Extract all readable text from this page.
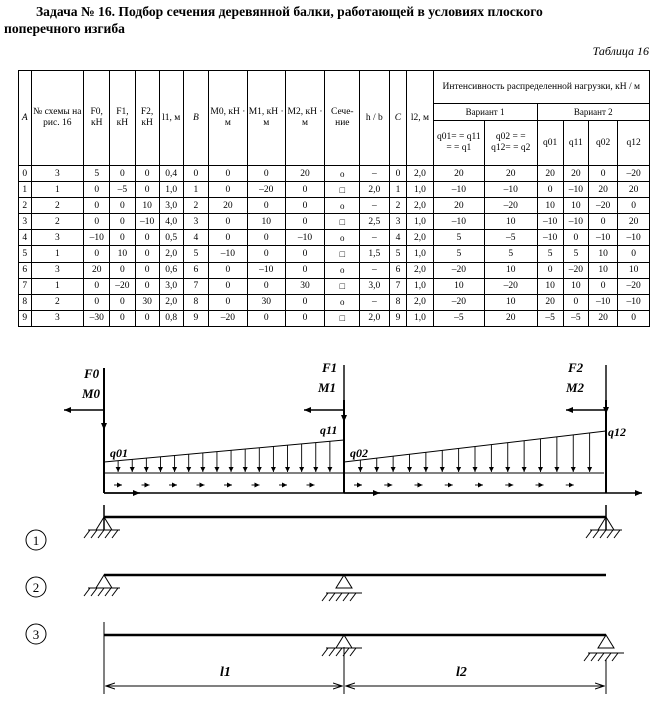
Задача № 16. Подбор сечения деревянной балки, работающей в условиях плоского
поперечного изгиба
Таблица 16
A	№ схемы на рис. 16	F0, кН	F1, кН	F2, кН	l1, м	B	M0, кН · м	M1, кН · м	M2, кН · м	Сече-ние	h / b	C	l2, м	Интенсивность распределенной нагрузки, кН / м					
														Вариант 1		Вариант 2			
														q01= = q11 = = q1	q02 = = q12= = q2	q01	q11	q02	q12
0	3	5	0	0	0,4	0	0	0	20	o	–	0	2,0	20	20	20	20	0	–20
1	1	0	–5	0	1,0	1	0	–20	0	□	2,0	1	1,0	–10	–10	0	–10	20	20
2	2	0	0	10	3,0	2	20	0	0	o	–	2	2,0	20	–20	10	10	–20	0
3	2	0	0	–10	4,0	3	0	10	0	□	2,5	3	1,0	–10	10	–10	–10	0	20
4	3	–10	0	0	0,5	4	0	0	–10	o	–	4	2,0	5	–5	–10	0	–10	–10
5	1	0	10	0	2,0	5	–10	0	0	□	1,5	5	1,0	5	5	5	5	10	0
6	3	20	0	0	0,6	6	0	–10	0	o	–	6	2,0	–20	10	0	–20	10	10
7	1	0	–20	0	3,0	7	0	0	30	□	3,0	7	1,0	10	–20	10	10	0	–20
8	2	0	0	30	2,0	8	0	30	0	o	–	8	2,0	–20	10	20	0	–10	–10
9	3	–30	0	0	0,8	9	–20	0	0	□	2,0	9	1,0	–5	20	–5	–5	20	0
F0
M0
F1
M1
F2
M2
q01
q11
q02
q12
1
2
3
l1	l2
